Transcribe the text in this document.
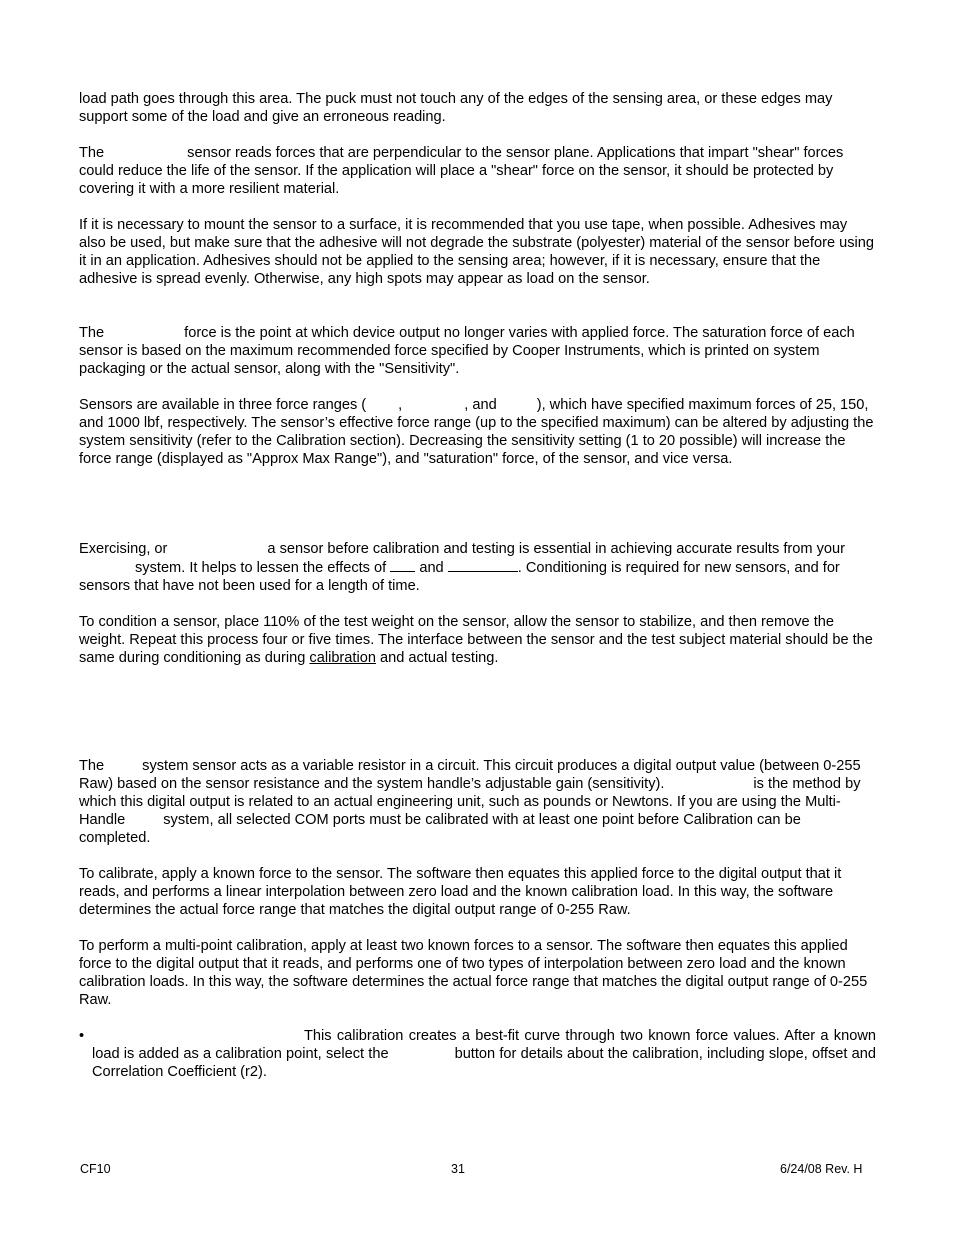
load path goes through this area. The puck must not touch any of the edges of the sensing area, or these edges may support some of the load and give an erroneous reading.

The	sensor reads forces that are perpendicular to the sensor plane. Applications that impart "shear" forces could reduce the life of the sensor. If the application will place a "shear" force on the sensor, it should be protected by covering it with a more resilient material.

If it is necessary to mount the sensor to a surface, it is recommended that you use tape, when possible. Adhesives may also be used, but make sure that the adhesive will not degrade the substrate (polyester) material of the sensor before using it in an application. Adhesives should not be applied to the sensing area; however, if it is necessary, ensure that the adhesive is spread evenly. Otherwise, any high spots may appear as load on the sensor.

The	force is the point at which device output no longer varies with applied force. The saturation force of each sensor is based on the maximum recommended force specified by Cooper Instruments, which is printed on system packaging or the actual sensor, along with the "Sensitivity".

Sensors are available in three force ranges ( ,	, and	), which have specified maximum forces of 25, 150, and 1000 lbf, respectively. The sensor’s effective force range (up to the specified maximum) can be altered by adjusting the system sensitivity (refer to the Calibration section). Decreasing the sensitivity setting (1 to 20 possible) will increase the force range (displayed as "Approx Max Range"), and "saturation" force, of the sensor, and vice versa.

Exercising, or	a sensor before calibration and testing is essential in achieving accurate results from yoursystem. It helps to lessen the effects of and	. Conditioning is required for new sensors, and for sensors that have not been used for a length of time.

To condition a sensor, place 110% of the test weight on the sensor, allow the sensor to stabilize, and then remove the weight. Repeat this process four or five times. The interface between the sensor and the test subject material should be the same during conditioning as during calibration and actual testing.

The	system sensor acts as a variable resistor in a circuit. This circuit produces a digital output value (between 0-255 Raw) based on the sensor resistance and the system handle’s adjustable gain (sensitivity).	is the method by which this digital output is related to an actual engineering unit, such as pounds or Newtons. If you are using the Multi-Handle	system, all selected COM ports must be calibrated with at least one point before Calibration can be completed.

To calibrate, apply a known force to the sensor. The software then equates this applied force to the digital output that it reads, and performs a linear interpolation between zero load and the known calibration load. In this way, the software determines the actual force range that matches the digital output range of 0-255 Raw.

To perform a multi-point calibration, apply at least two known forces to a sensor. The software then equates this applied force to the digital output that it reads, and performs one of two types of interpolation between zero load and the known calibration loads. In this way, the software determines the actual force range that matches the digital output range of 0-255 Raw.

•	This calibration creates a best-fit curve through two known force values. After a known load is added as a calibration point, select the	button for details about the calibration, including slope, offset and Correlation Coefficient (r2).

CF10	31	6/24/08 Rev. H
